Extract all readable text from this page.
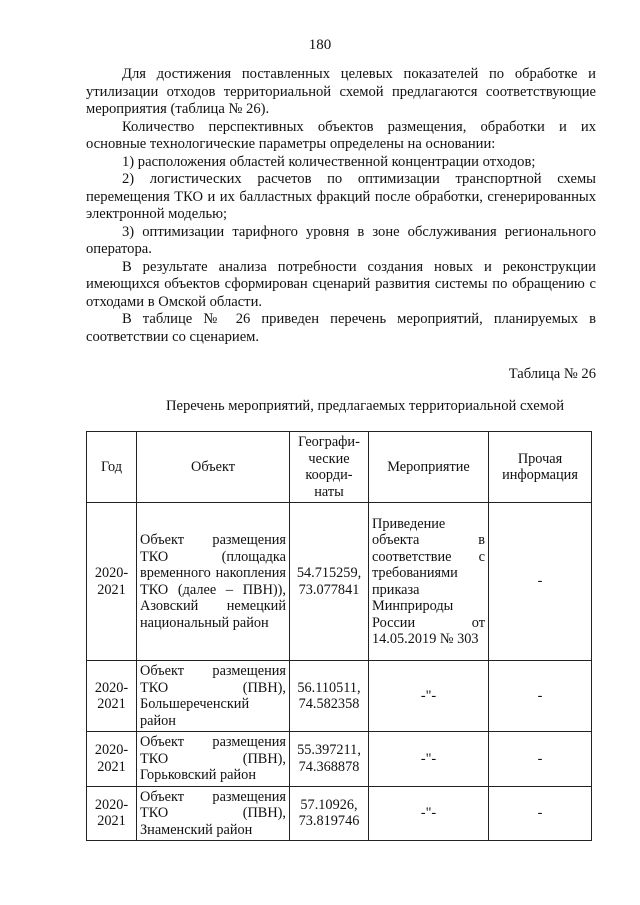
180

Для достижения поставленных целевых показателей по обработке и утилизации отходов территориальной схемой предлагаются соответствующие мероприятия (таблица № 26).

Количество перспективных объектов размещения, обработки и их основные технологические параметры определены на основании:

1) расположения областей количественной концентрации отходов;

2) логистических расчетов по оптимизации транспортной схемы перемещения ТКО и их балластных фракций после обработки, сгенерированных электронной моделью;

3) оптимизации тарифного уровня в зоне обслуживания регионального оператора.

В результате анализа потребности создания новых и реконструкции имеющихся объектов сформирован сценарий развития системы по обращению с отходами в Омской области.

В таблице № 26 приведен перечень мероприятий, планируемых в соответствии со сценарием.

Таблица № 26
Перечень мероприятий, предлагаемых территориальной схемой
Год	Объект	Географи-ческие коорди-наты	Мероприятие	Прочая информация
2020-2021	Объект размещения ТКО (площадка временного накопления ТКО (далее – ПВН)), Азовский немецкий национальный район	54.715259, 73.077841	Приведение объекта в соответствие с требованиями приказа Минприроды России от 14.05.2019 № 303	-
2020-2021	Объект размещения ТКО (ПВН), Большереченский район	56.110511, 74.582358	-"-	-
2020-2021	Объект размещения ТКО (ПВН), Горьковский район	55.397211, 74.368878	-"-	-
2020-2021	Объект размещения ТКО (ПВН), Знаменский район	57.10926, 73.819746	-"-	-
